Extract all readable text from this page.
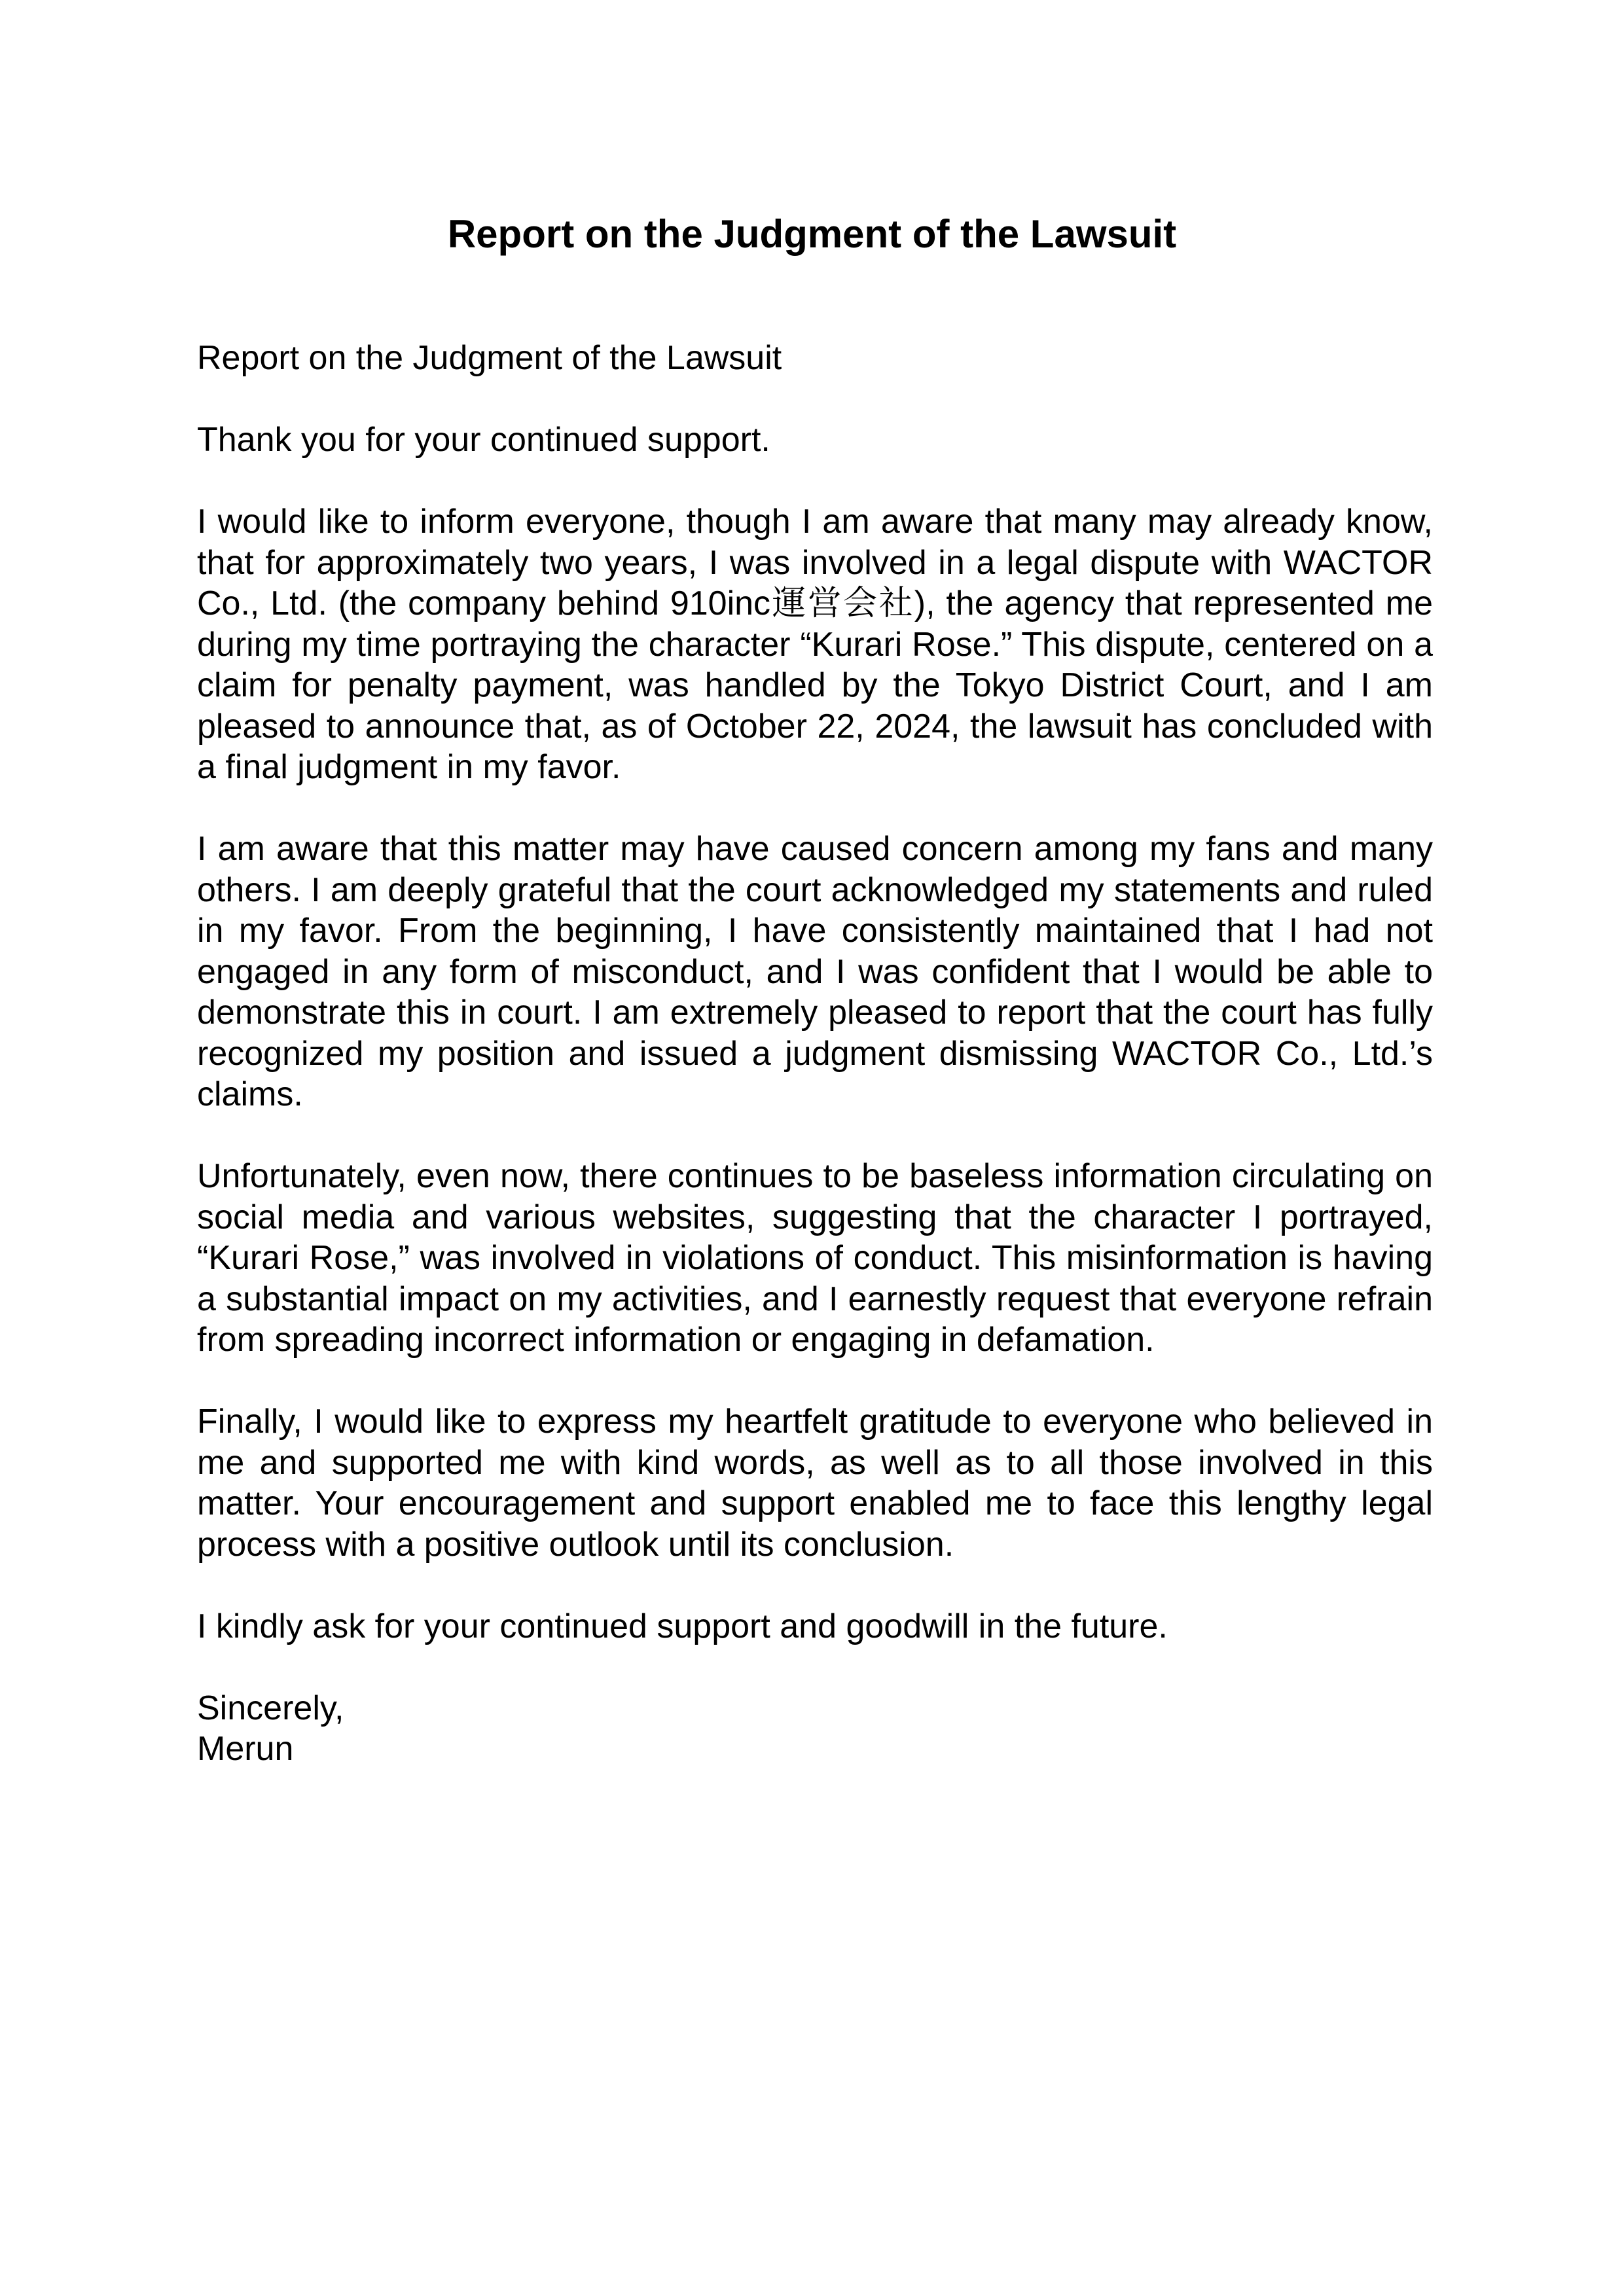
Report on the Judgment of the Lawsuit

Report on the Judgment of the Lawsuit

Thank you for your continued support.

I would like to inform everyone, though I am aware that many may already know, that for approximately two years, I was involved in a legal dispute with WACTOR Co., Ltd. (the company behind 910inc運営会社), the agency that represented me during my time portraying the character “Kurari Rose.” This dispute, centered on a claim for penalty payment, was handled by the Tokyo District Court, and I am pleased to announce that, as of October 22, 2024, the lawsuit has concluded with a final judgment in my favor.

I am aware that this matter may have caused concern among my fans and many others. I am deeply grateful that the court acknowledged my statements and ruled in my favor. From the beginning, I have consistently maintained that I had not engaged in any form of misconduct, and I was confident that I would be able to demonstrate this in court. I am extremely pleased to report that the court has fully recognized my position and issued a judgment dismissing WACTOR Co., Ltd.’s claims.

Unfortunately, even now, there continues to be baseless information circulating on social media and various websites, suggesting that the character I portrayed, “Kurari Rose,” was involved in violations of conduct. This misinformation is having a substantial impact on my activities, and I earnestly request that everyone refrain from spreading incorrect information or engaging in defamation.

Finally, I would like to express my heartfelt gratitude to everyone who believed in me and supported me with kind words, as well as to all those involved in this matter. Your encouragement and support enabled me to face this lengthy legal process with a positive outlook until its conclusion.

I kindly ask for your continued support and goodwill in the future.

Sincerely,
Merun
